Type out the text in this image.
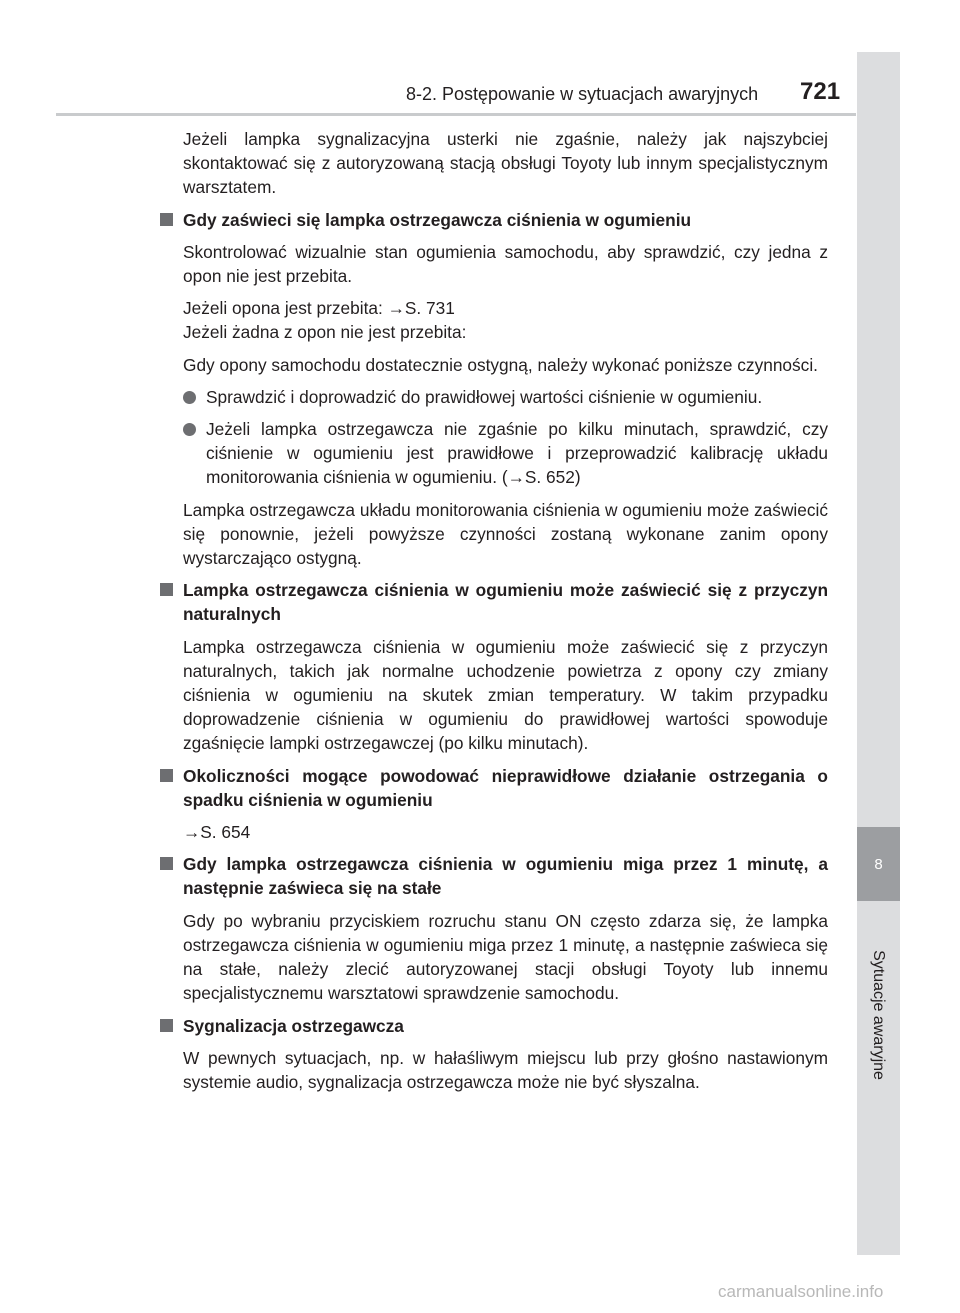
8-2. Postępowanie w sytuacjach awaryjnych 721
8
Sytuacje awaryjne

Jeżeli lampka sygnalizacyjna usterki nie zgaśnie, należy jak najszybciej skontaktować się z autoryzowaną stacją obsługi Toyoty lub innym specjalistycznym warsztatem.

Gdy zaświeci się lampka ostrzegawcza ciśnienia w ogumieniu

Skontrolować wizualnie stan ogumienia samochodu, aby sprawdzić, czy jedna z opon nie jest przebita.

Jeżeli opona jest przebita: →S. 731
Jeżeli żadna z opon nie jest przebita:

Gdy opony samochodu dostatecznie ostygną, należy wykonać poniższe czynności.

Sprawdzić i doprowadzić do prawidłowej wartości ciśnienie w ogumieniu.
Jeżeli lampka ostrzegawcza nie zgaśnie po kilku minutach, sprawdzić, czy ciśnienie w ogumieniu jest prawidłowe i przeprowadzić kalibrację układu monitorowania ciśnienia w ogumieniu. (→S. 652)

Lampka ostrzegawcza układu monitorowania ciśnienia w ogumieniu może zaświecić się ponownie, jeżeli powyższe czynności zostaną wykonane zanim opony wystarczająco ostygną.

Lampka ostrzegawcza ciśnienia w ogumieniu może zaświecić się z przyczyn naturalnych

Lampka ostrzegawcza ciśnienia w ogumieniu może zaświecić się z przyczyn naturalnych, takich jak normalne uchodzenie powietrza z opony czy zmiany ciśnienia w ogumieniu na skutek zmian temperatury. W takim przypadku doprowadzenie ciśnienia w ogumieniu do prawidłowej wartości spowoduje zgaśnięcie lampki ostrzegawczej (po kilku minutach).

Okoliczności mogące powodować nieprawidłowe działanie ostrzegania o spadku ciśnienia w ogumieniu

→S. 654

Gdy lampka ostrzegawcza ciśnienia w ogumieniu miga przez 1 minutę, a następnie zaświeca się na stałe

Gdy po wybraniu przyciskiem rozruchu stanu ON często zdarza się, że lampka ostrzegawcza ciśnienia w ogumieniu miga przez 1 minutę, a następnie zaświeca się na stałe, należy zlecić autoryzowanej stacji obsługi Toyoty lub innemu specjalistycznemu warsztatowi sprawdzenie samochodu.

Sygnalizacja ostrzegawcza

W pewnych sytuacjach, np. w hałaśliwym miejscu lub przy głośno nastawionym systemie audio, sygnalizacja ostrzegawcza może nie być słyszalna.

carmanualsonline.info
